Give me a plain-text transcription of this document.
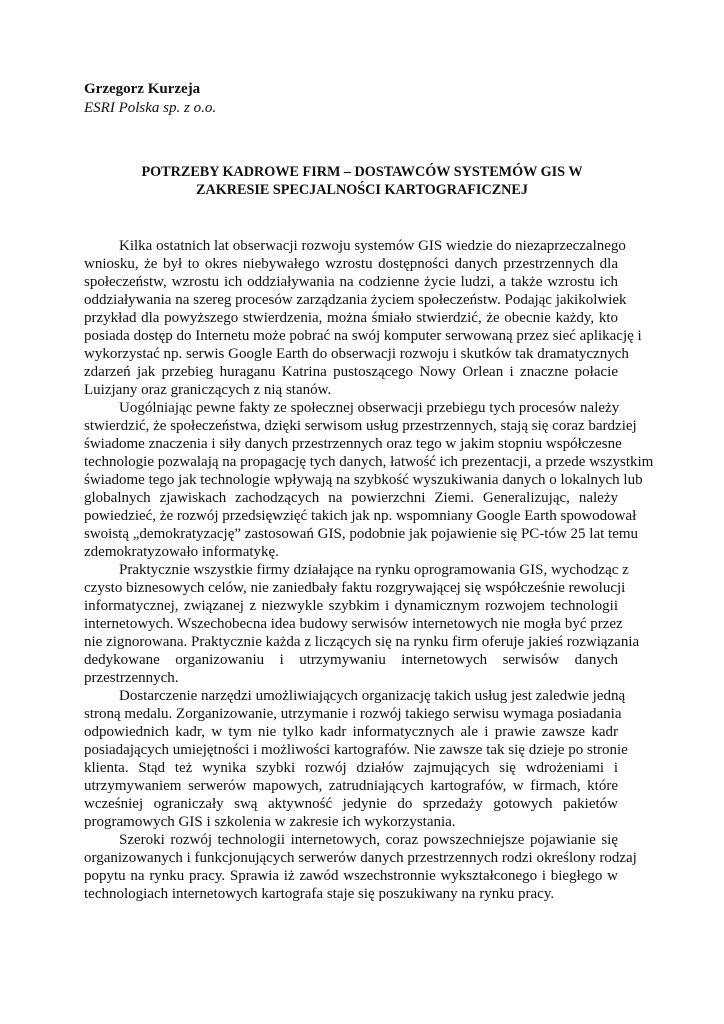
Grzegorz Kurzeja
ESRI Polska sp. z o.o.
POTRZEBY KADROWE FIRM – DOSTAWCÓW SYSTEMÓW GIS W
ZAKRESIE SPECJALNOŚCI KARTOGRAFICZNEJ
Kilka ostatnich lat obserwacji rozwoju systemów GIS wiedzie do niezaprzeczalnego
wniosku, że był to okres niebywałego wzrostu dostępności danych przestrzennych dla
społeczeństw, wzrostu ich oddziaływania na codzienne życie ludzi, a także wzrostu ich
oddziaływania na szereg procesów zarządzania życiem społeczeństw. Podając jakikolwiek
przykład dla powyższego stwierdzenia, można śmiało stwierdzić, że obecnie każdy, kto
posiada dostęp do Internetu może pobrać na swój komputer serwowaną przez sieć aplikację i
wykorzystać np. serwis Google Earth do obserwacji rozwoju i skutków tak dramatycznych
zdarzeń jak przebieg huraganu Katrina pustoszącego Nowy Orlean i znaczne połacie
Luizjany oraz graniczących z nią stanów.
Uogólniając pewne fakty ze społecznej obserwacji przebiegu tych procesów należy
stwierdzić, że społeczeństwa, dzięki serwisom usług przestrzennych, stają się coraz bardziej
świadome znaczenia i siły danych przestrzennych oraz tego w jakim stopniu współczesne
technologie pozwalają na propagację tych danych, łatwość ich prezentacji, a przede wszystkim
świadome tego jak technologie wpływają na szybkość wyszukiwania danych o lokalnych lub
globalnych zjawiskach zachodzących na powierzchni Ziemi. Generalizując, należy
powiedzieć, że rozwój przedsięwzięć takich jak np. wspomniany Google Earth spowodował
swoistą „demokratyzację” zastosowań GIS, podobnie jak pojawienie się PC-tów 25 lat temu
zdemokratyzowało informatykę.
Praktycznie wszystkie firmy działające na rynku oprogramowania GIS, wychodząc z
czysto biznesowych celów, nie zaniedbały faktu rozgrywającej się współcześnie rewolucji
informatycznej, związanej z niezwykle szybkim i dynamicznym rozwojem technologii
internetowych. Wszechobecna idea budowy serwisów internetowych nie mogła być przez
nie zignorowana. Praktycznie każda z liczących się na rynku firm oferuje jakieś rozwiązania
dedykowane organizowaniu i utrzymywaniu internetowych serwisów danych
przestrzennych.
Dostarczenie narzędzi umożliwiających organizację takich usług jest zaledwie jedną
stroną medalu. Zorganizowanie, utrzymanie i rozwój takiego serwisu wymaga posiadania
odpowiednich kadr, w tym nie tylko kadr informatycznych ale i prawie zawsze kadr
posiadających umiejętności i możliwości kartografów. Nie zawsze tak się dzieje po stronie
klienta. Stąd też wynika szybki rozwój działów zajmujących się wdrożeniami i
utrzymywaniem serwerów mapowych, zatrudniających kartografów, w firmach, które
wcześniej ograniczały swą aktywność jedynie do sprzedaży gotowych pakietów
programowych GIS i szkolenia w zakresie ich wykorzystania.
Szeroki rozwój technologii internetowych, coraz powszechniejsze pojawianie się
organizowanych i funkcjonujących serwerów danych przestrzennych rodzi określony rodzaj
popytu na rynku pracy. Sprawia iż zawód wszechstronnie wykształconego i biegłego w
technologiach internetowych kartografa staje się poszukiwany na rynku pracy.
